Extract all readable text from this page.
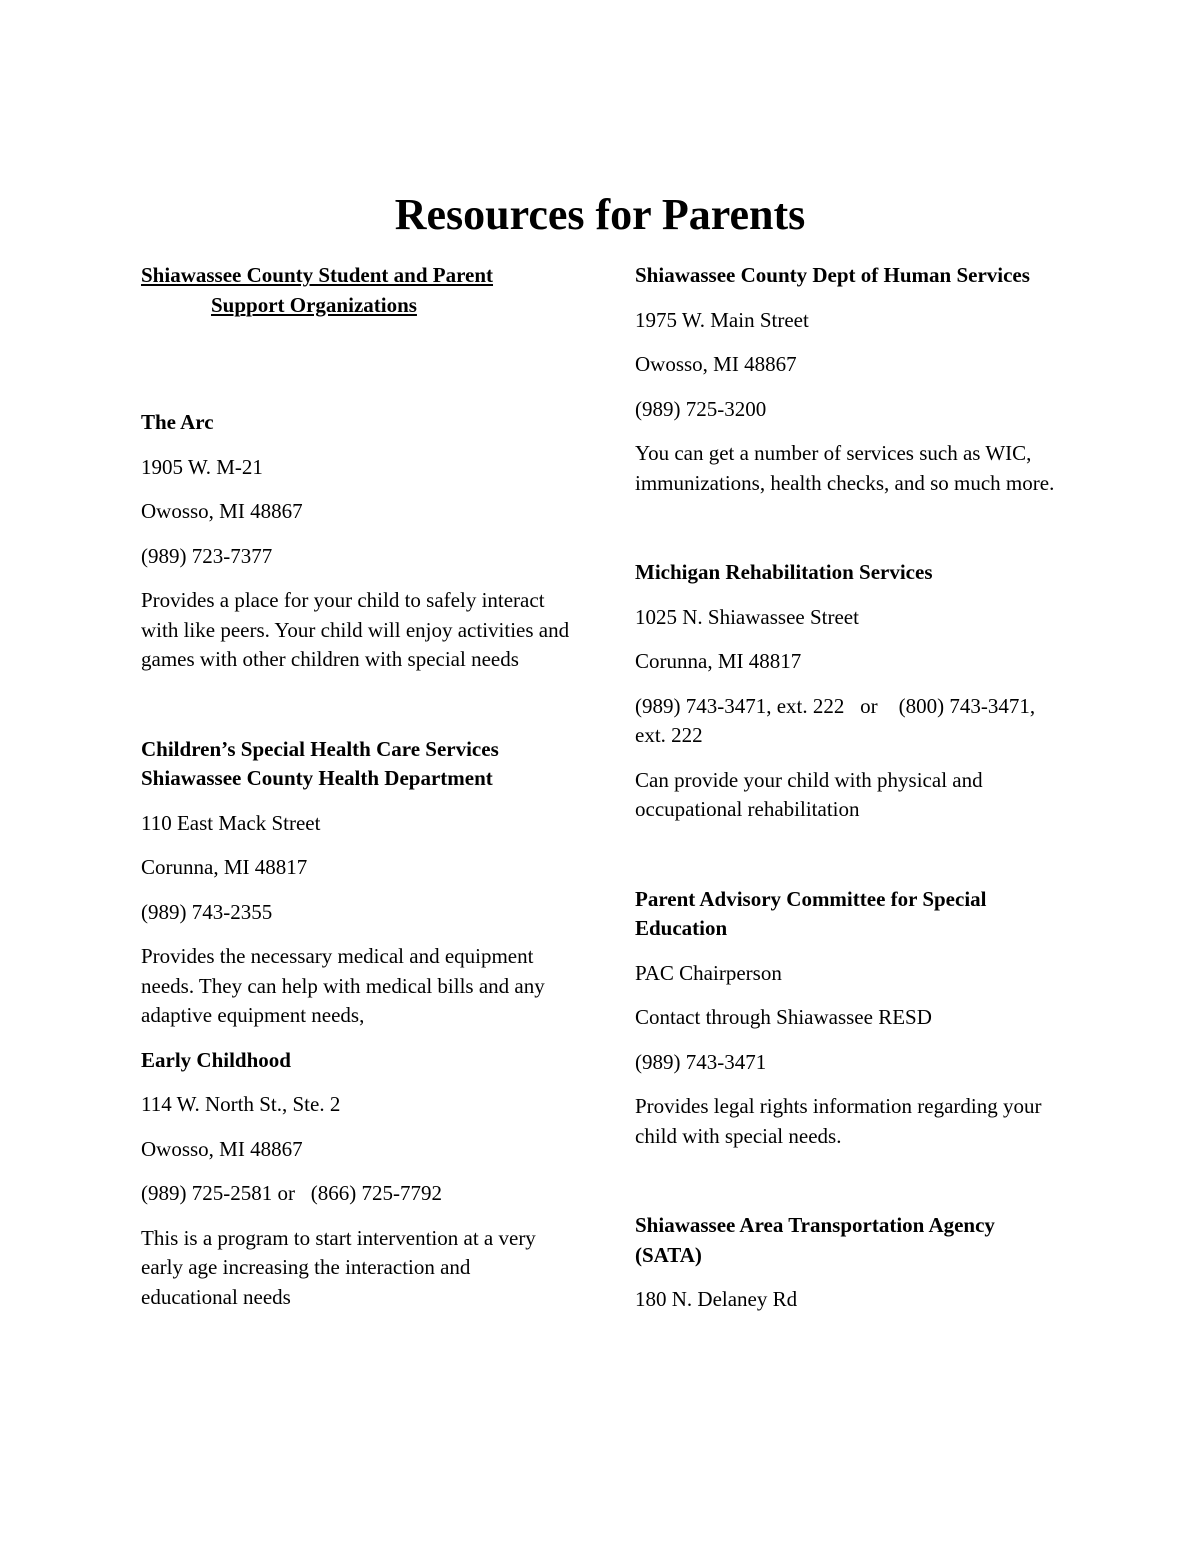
Resources for Parents
Shiawassee County Student and Parent
Support Organizations
The Arc

1905 W. M-21

Owosso, MI 48867

(989) 723-7377

Provides a place for your child to safely interact with like peers. Your child will enjoy activities and games with other children with special needs

Children’s Special Health Care Services
Shiawassee County Health Department

110 East Mack Street

Corunna, MI 48817

(989) 743-2355

Provides the necessary medical and equipment needs. They can help with medical bills and any adaptive equipment needs,

Early Childhood

114 W. North St., Ste. 2

Owosso, MI 48867

(989) 725-2581 or   (866) 725-7792

This is a program to start intervention at a very early age increasing the interaction and educational needs

Shiawassee County Dept of Human Services

1975 W. Main Street

Owosso, MI 48867

(989) 725-3200

You can get a number of services such as WIC, immunizations, health checks, and so much more.

Michigan Rehabilitation Services

1025 N. Shiawassee Street

Corunna, MI 48817

(989) 743-3471, ext. 222   or    (800) 743-3471, ext. 222

Can provide your child with physical and occupational rehabilitation

Parent Advisory Committee for Special Education

PAC Chairperson

Contact through Shiawassee RESD

(989) 743-3471

Provides legal rights information regarding your child with special needs.

Shiawassee Area Transportation Agency (SATA)

180 N. Delaney Rd
